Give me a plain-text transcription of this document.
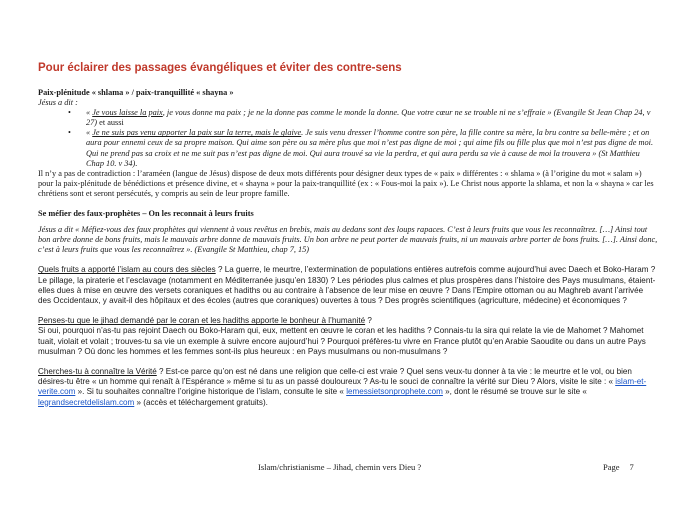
Pour éclairer des passages évangéliques et éviter des contre-sens

Paix-plénitude « shlama » / paix-tranquillité « shayna »

Jésus a dit :

• « Je vous laisse la paix, je vous donne ma paix ; je ne la donne pas comme le monde la donne. Que votre cœur ne se trouble ni ne s’effraie » (Evangile St Jean Chap 24, v 27) et aussi
• « Je ne suis pas venu apporter la paix sur la terre, mais le glaive. Je suis venu dresser l’homme contre son père, la fille contre sa mère, la bru contre sa belle-mère ; et on aura pour ennemi ceux de sa propre maison. Qui aime son père ou sa mère plus que moi n’est pas digne de moi ; qui aime fils ou fille plus que moi n’est pas digne de moi. Qui ne prend pas sa croix et ne me suit pas n’est pas digne de moi. Qui aura trouvé sa vie la perdra, et qui aura perdu sa vie à cause de moi la trouvera » (St Matthieu Chap 10. v 34).

Il n’y a pas de contradiction : l’araméen (langue de Jésus) dispose de deux mots différents pour désigner deux types de « paix » différentes : « shlama » (à l’origine du mot « salam ») pour la paix-plénitude de bénédictions et présence divine, et « shayna » pour la paix-tranquillité (ex : « Fous-moi la paix »). Le Christ nous apporte la shlama, et non la « shayna » car les chrétiens sont et seront persécutés, y compris au sein de leur propre famille.

Se méfier des faux-prophètes – On les reconnait à leurs fruits

Jésus a dit « Méfiez-vous des faux prophètes qui viennent à vous revêtus en brebis, mais au dedans sont des loups rapaces. C’est à leurs fruits que vous les reconnaîtrez. […] Ainsi tout bon arbre donne de bons fruits, mais le mauvais arbre donne de mauvais fruits. Un bon arbre ne peut porter de mauvais fruits, ni un mauvais arbre porter de bons fruits. […]. Ainsi donc, c’est à leurs fruits que vous les reconnaîtrez ». (Evangile St Matthieu, chap 7, 15)

Quels fruits a apporté l’islam au cours des siècles ? La guerre, le meurtre, l’extermination de populations entières autrefois comme aujourd’hui avec Daech et Boko-Haram ? Le pillage, la piraterie et l’esclavage (notamment en Méditerranée jusqu’en 1830) ? Les périodes plus calmes et plus prospères dans l’histoire des Pays musulmans, étaient-elles dues à mise en œuvre des versets coraniques et hadiths ou au contraire à l’absence de leur mise en œuvre ? Dans l’Empire ottoman ou au Maghreb avant l’arrivée des Occidentaux, y avait-il des hôpitaux et des écoles (autres que coraniques) ouvertes à tous ? Des progrès scientifiques (agriculture, médecine) et économiques ?

Penses-tu que le jihad demandé par le coran et les hadiths apporte le bonheur à l’humanité ?

Si oui, pourquoi n’as-tu pas rejoint Daech ou Boko-Haram qui, eux, mettent en œuvre le coran et les hadiths ? Connais-tu la sira qui relate la vie de Mahomet ? Mahomet tuait, violait et volait ; trouves-tu sa vie un exemple à suivre encore aujourd’hui ? Pourquoi préfères-tu vivre en France plutôt qu’en Arabie Saoudite ou dans un autre Pays musulman ? Où donc les hommes et les femmes sont-ils plus heureux : en Pays musulmans ou non-musulmans ?

Cherches-tu à connaître la Vérité ? Est-ce parce qu’on est né dans une religion que celle-ci est vraie ? Quel sens veux-tu donner à ta vie : le meurtre et le vol, ou bien désires-tu être « un homme qui renaît à l’Espérance » même si tu as un passé douloureux ? As-tu le souci de connaître la vérité sur Dieu ? Alors, visite le site : « islam-et-verite.com ». Si tu souhaites connaître l’origine historique de l’islam, consulte le site « lemessietsonprophete.com », dont le résumé se trouve sur le site « legrandsecretdelislam.com » (accès et téléchargement gratuits).

Islam/christianisme – Jihad, chemin vers Dieu ?	Page 7
